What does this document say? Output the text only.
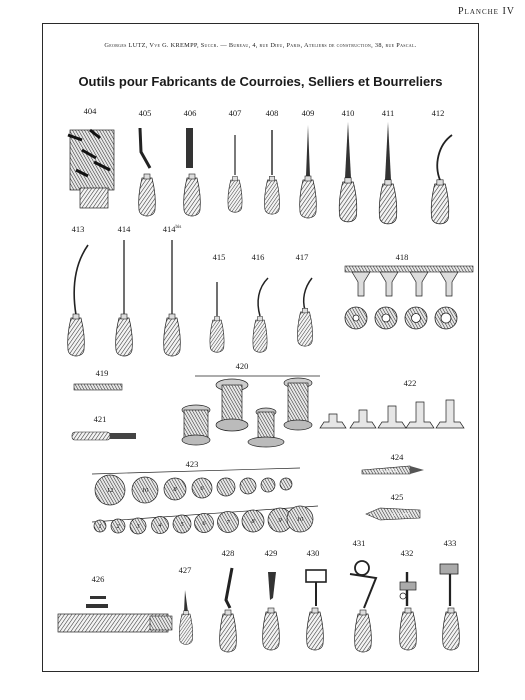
Planche IV
Georges LUTZ, Vve G. KREMPP, Succr. — Bureau, 4, rue Dieu, Paris, Ateliers de construction, 38, rue Pascal.
Outils pour Fabricants de Courroies, Selliers et Bourreliers
12	10	8	6
1 2	3	4	5	6	7	8	9 10
G. LUTZ
G. LUTZ
404	405	406	407	408	409	410	411	412
413	414	$414^{bis}$
415	416	417	418
419
420
421
422
423
424
425
426
427
428	429	430
431
432
433
